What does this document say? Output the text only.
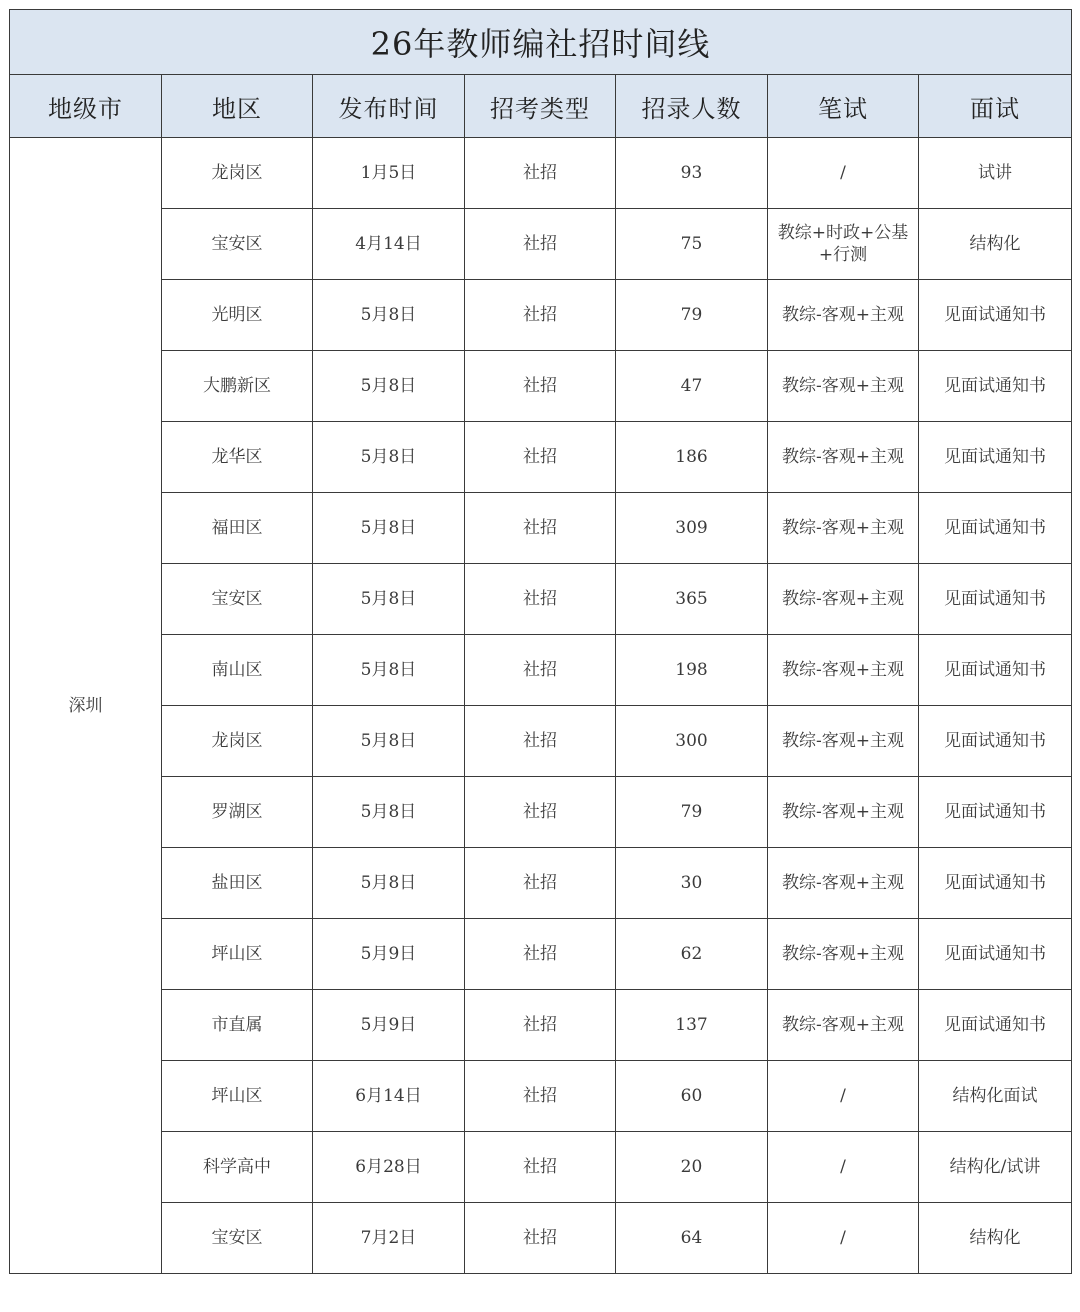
26年教师编社招时间线						
地级市	地区	发布时间	招考类型	招录人数	笔试	面试
深圳	龙岗区	1月5日	社招	93	/	试讲
	宝安区	4月14日	社招	75	教综+时政+公基+行测	结构化
	光明区	5月8日	社招	79	教综-客观+主观	见面试通知书
	大鹏新区	5月8日	社招	47	教综-客观+主观	见面试通知书
	龙华区	5月8日	社招	186	教综-客观+主观	见面试通知书
	福田区	5月8日	社招	309	教综-客观+主观	见面试通知书
	宝安区	5月8日	社招	365	教综-客观+主观	见面试通知书
	南山区	5月8日	社招	198	教综-客观+主观	见面试通知书
	龙岗区	5月8日	社招	300	教综-客观+主观	见面试通知书
	罗湖区	5月8日	社招	79	教综-客观+主观	见面试通知书
	盐田区	5月8日	社招	30	教综-客观+主观	见面试通知书
	坪山区	5月9日	社招	62	教综-客观+主观	见面试通知书
	市直属	5月9日	社招	137	教综-客观+主观	见面试通知书
	坪山区	6月14日	社招	60	/	结构化面试
	科学高中	6月28日	社招	20	/	结构化/试讲
	宝安区	7月2日	社招	64	/	结构化
